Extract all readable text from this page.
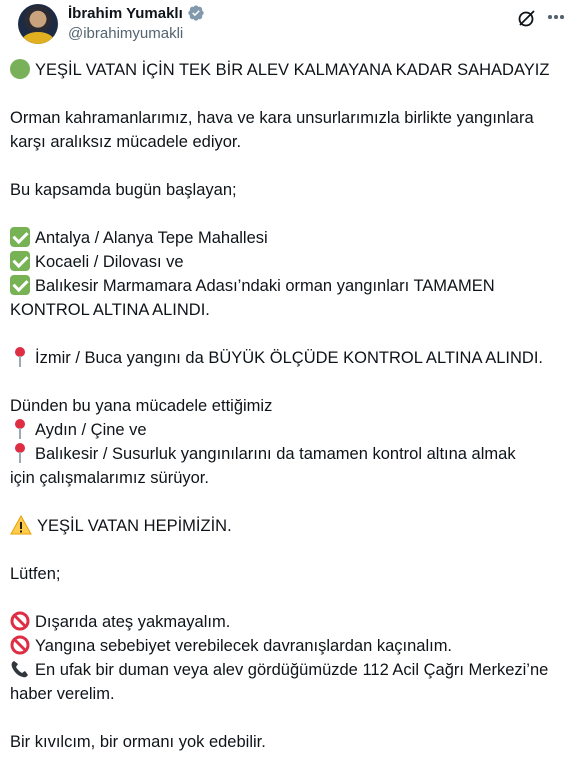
İbrahim Yumaklı
@ibrahimyumakli
YEŞİL VATAN İÇİN TEK BİR ALEV KALMAYANA KADAR SAHADAYIZ
Orman kahramanlarımız, hava ve kara unsurlarımızla birlikte yangınlara
karşı aralıksız mücadele ediyor.
Bu kapsamda bugün başlayan;
Antalya / Alanya Tepe Mahallesi
Kocaeli / Dilovası ve
Balıkesir Marmamara Adası’ndaki orman yangınları TAMAMEN
KONTROL ALTINA ALINDI.
İzmir / Buca yangını da BÜYÜK ÖLÇÜDE KONTROL ALTINA ALINDI.
Dünden bu yana mücadele ettiğimiz
Aydın / Çine ve
Balıkesir / Susurluk yangınılarını da tamamen kontrol altına almak
için çalışmalarımız sürüyor.
YEŞİL VATAN HEPİMİZİN.
Lütfen;
Dışarıda ateş yakmayalım.
Yangına sebebiyet verebilecek davranışlardan kaçınalım.
En ufak bir duman veya alev gördüğümüzde 112 Acil Çağrı Merkezi’ne
haber verelim.
Bir kıvılcım, bir ormanı yok edebilir.
